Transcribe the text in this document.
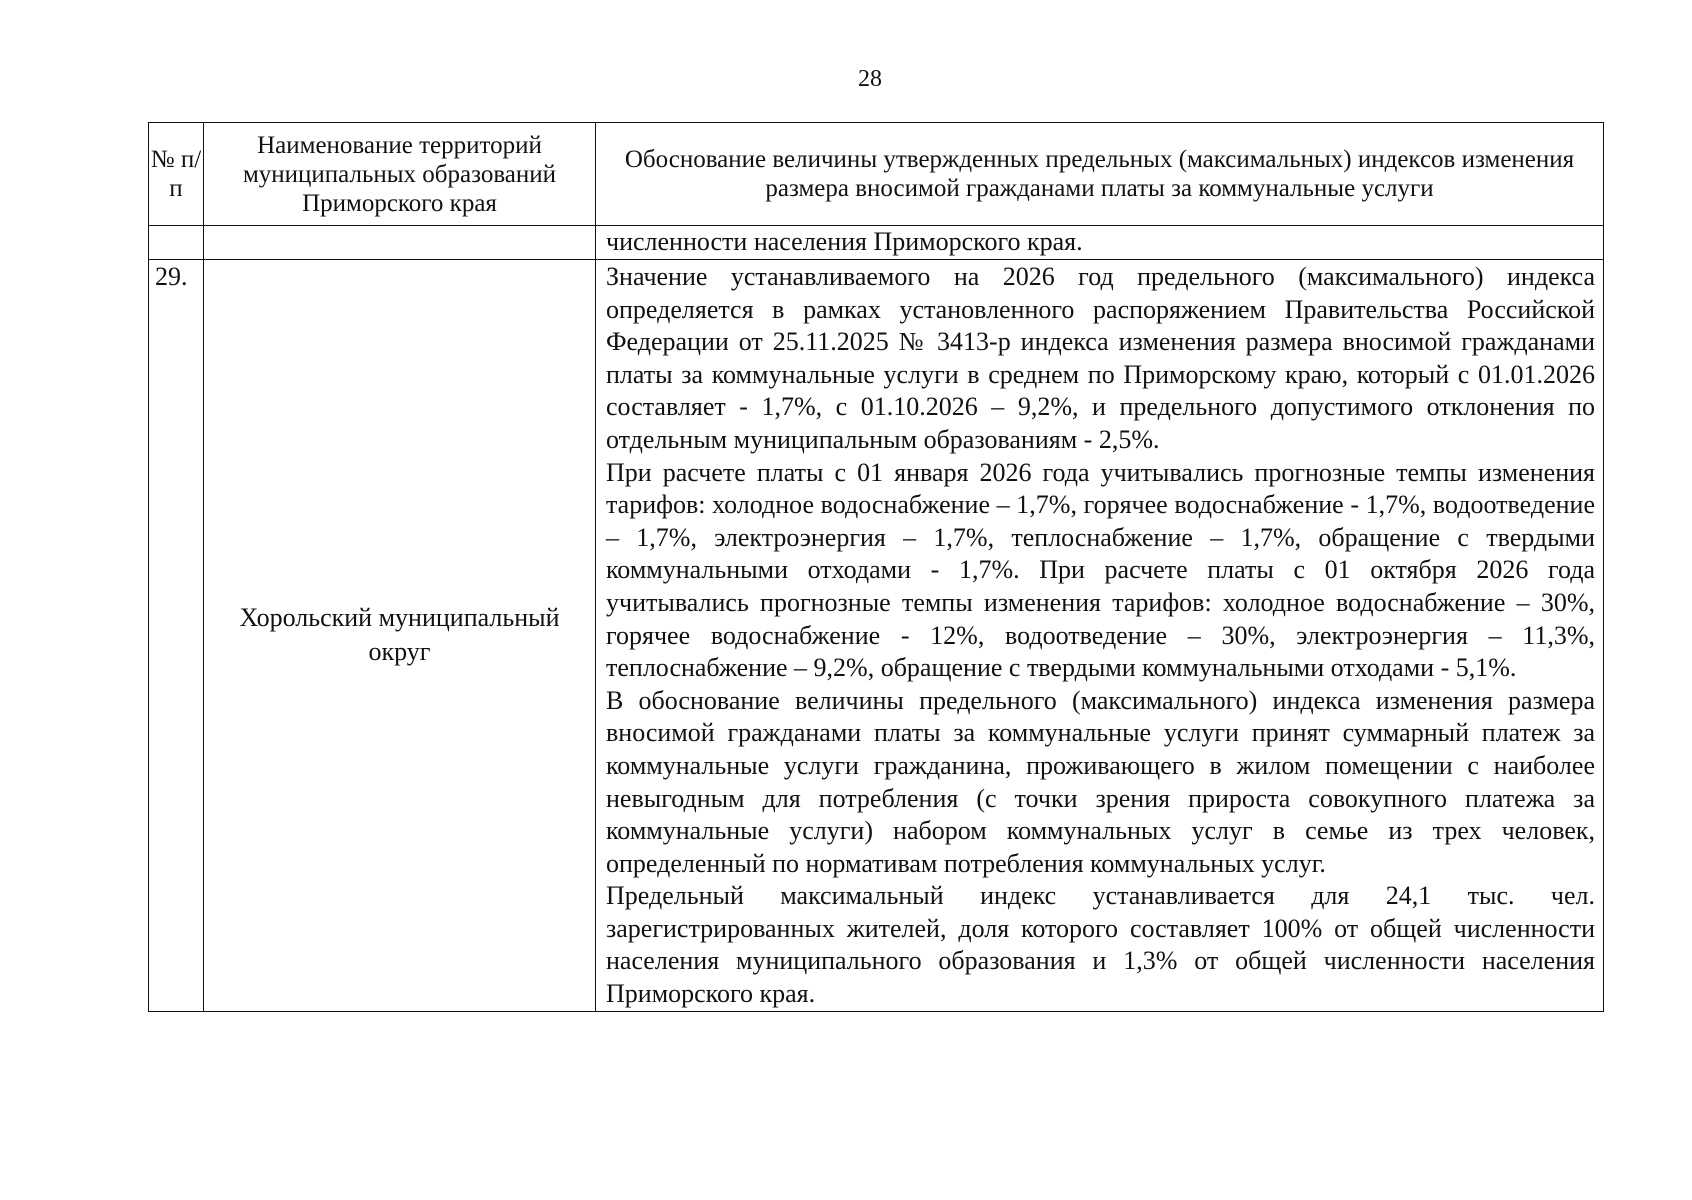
28
№ п/п	Наименование территорий муниципальных образований Приморского края	Обоснование величины утвержденных предельных (максимальных) индексов изменения размера вносимой гражданами платы за коммунальные услуги
		численности населения Приморского края.
29.	Хорольский муниципальный округ	Значение устанавливаемого на 2026 год предельного (максимального) индекса определяется в рамках установленного распоряжением Правительства Российской Федерации от 25.11.2025 № 3413-р индекса изменения размера вносимой гражданами платы за коммунальные услуги в среднем по Приморскому краю, который с 01.01.2026 составляет - 1,7%, с 01.10.2026 – 9,2%, и предельного допустимого отклонения по отдельным муниципальным образованиям - 2,5%.

При расчете платы с 01 января 2026 года учитывались прогнозные темпы изменения тарифов: холодное водоснабжение – 1,7%, горячее водоснабжение - 1,7%, водоотведение – 1,7%, электроэнергия – 1,7%, теплоснабжение – 1,7%, обращение с твердыми коммунальными отходами - 1,7%. При расчете платы с 01 октября 2026 года учитывались прогнозные темпы изменения тарифов: холодное водоснабжение – 30%, горячее водоснабжение - 12%, водоотведение – 30%, электроэнергия – 11,3%, теплоснабжение – 9,2%, обращение с твердыми коммунальными отходами - 5,1%.

В обоснование величины предельного (максимального) индекса изменения размера вносимой гражданами платы за коммунальные услуги принят суммарный платеж за коммунальные услуги гражданина, проживающего в жилом помещении с наиболее невыгодным для потребления (с точки зрения прироста совокупного платежа за коммунальные услуги) набором коммунальных услуг в семье из трех человек, определенный по нормативам потребления коммунальных услуг.

Предельный максимальный индекс устанавливается для 24,1 тыс. чел. зарегистрированных жителей, доля которого составляет 100% от общей численности населения муниципального образования и 1,3% от общей численности населения Приморского края.
